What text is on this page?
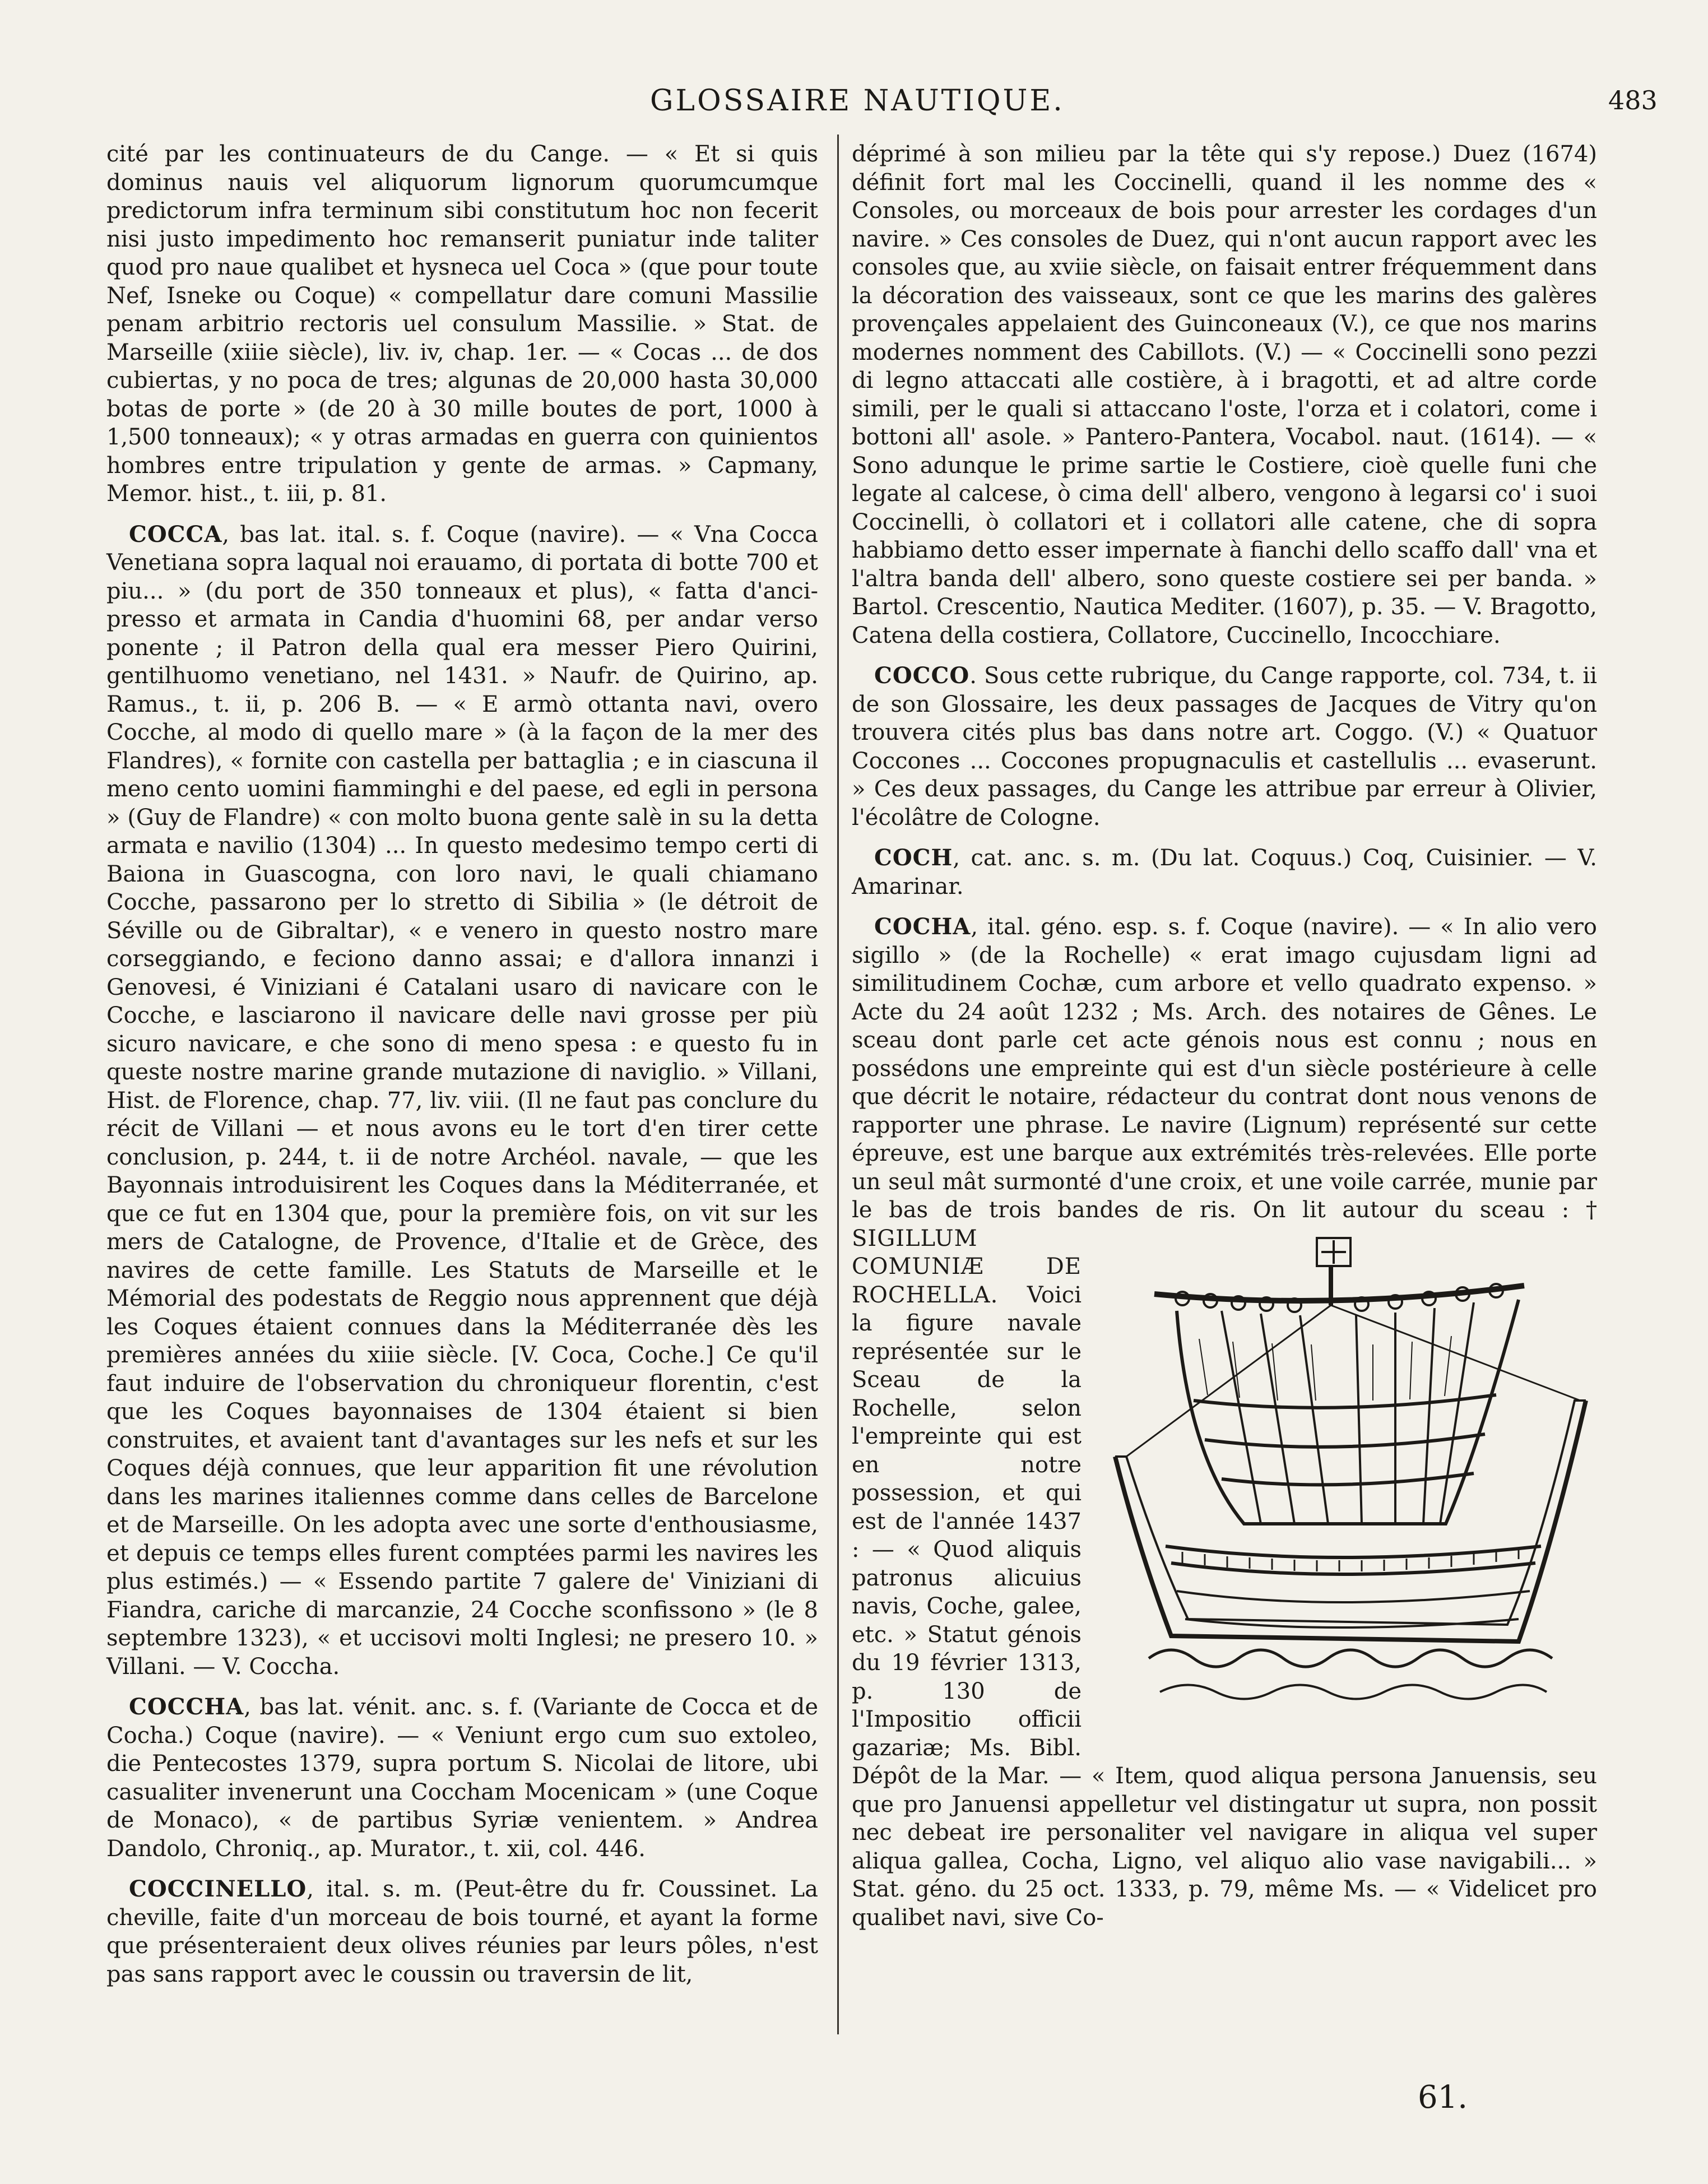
GLOSSAIRE NAUTIQUE.	483

cité par les continuateurs de du Cange. — « Et si quis dominus nauis vel aliquorum lignorum quorumcumque predictorum infra terminum sibi constitutum hoc non fecerit nisi justo impedimento hoc remanserit puniatur inde taliter quod pro naue qualibet et hysneca uel Coca » (que pour toute Nef, Isneke ou Coque) « compellatur dare comuni Massilie penam arbitrio rectoris uel consulum Massilie. » Stat. de Marseille (xiiie siècle), liv. iv, chap. 1er. — « Cocas ... de dos cubiertas, y no poca de tres; algunas de 20,000 hasta 30,000 botas de porte » (de 20 à 30 mille boutes de port, 1000 à 1,500 tonneaux); « y otras armadas en guerra con quinientos hombres entre tripulation y gente de armas. » Capmany, Memor. hist., t. iii, p. 81.

COCCA, bas lat. ital. s. f. Coque (navire). — « Vna Cocca Venetiana sopra laqual noi erauamo, di portata di botte 700 et piu... » (du port de 350 tonneaux et plus), « fatta d'anci-presso et armata in Candia d'huomini 68, per andar verso ponente ; il Patron della qual era messer Piero Quirini, gentilhuomo venetiano, nel 1431. » Naufr. de Quirino, ap. Ramus., t. ii, p. 206 B. — « E armò ottanta navi, overo Cocche, al modo di quello mare » (à la façon de la mer des Flandres), « fornite con castella per battaglia ; e in ciascuna il meno cento uomini fiamminghi e del paese, ed egli in persona » (Guy de Flandre) « con molto buona gente salè in su la detta armata e navilio (1304) ... In questo medesimo tempo certi di Baiona in Guascogna, con loro navi, le quali chiamano Cocche, passarono per lo stretto di Sibilia » (le détroit de Séville ou de Gibraltar), « e venero in questo nostro mare corseggiando, e feciono danno assai; e d'allora innanzi i Genovesi, é Viniziani é Catalani usaro di navicare con le Cocche, e lasciarono il navicare delle navi grosse per più sicuro navicare, e che sono di meno spesa : e questo fu in queste nostre marine grande mutazione di naviglio. » Villani, Hist. de Florence, chap. 77, liv. viii. (Il ne faut pas conclure du récit de Villani — et nous avons eu le tort d'en tirer cette conclusion, p. 244, t. ii de notre Archéol. navale, — que les Bayonnais introduisirent les Coques dans la Méditerranée, et que ce fut en 1304 que, pour la première fois, on vit sur les mers de Catalogne, de Provence, d'Italie et de Grèce, des navires de cette famille. Les Statuts de Marseille et le Mémorial des podestats de Reggio nous apprennent que déjà les Coques étaient connues dans la Méditerranée dès les premières années du xiiie siècle. [V. Coca, Coche.] Ce qu'il faut induire de l'observation du chroniqueur florentin, c'est que les Coques bayonnaises de 1304 étaient si bien construites, et avaient tant d'avantages sur les nefs et sur les Coques déjà connues, que leur apparition fit une révolution dans les marines italiennes comme dans celles de Barcelone et de Marseille. On les adopta avec une sorte d'enthousiasme, et depuis ce temps elles furent comptées parmi les navires les plus estimés.) — « Essendo partite 7 galere de' Viniziani di Fiandra, cariche di marcanzie, 24 Cocche sconfissono » (le 8 septembre 1323), « et uccisovi molti Inglesi; ne presero 10. » Villani. — V. Coccha.

COCCHA, bas lat. vénit. anc. s. f. (Variante de Cocca et de Cocha.) Coque (navire). — « Veniunt ergo cum suo extoleo, die Pentecostes 1379, supra portum S. Nicolai de litore, ubi casualiter invenerunt una Coccham Mocenicam » (une Coque de Monaco), « de partibus Syriæ venientem. » Andrea Dandolo, Chroniq., ap. Murator., t. xii, col. 446.

COCCINELLO, ital. s. m. (Peut-être du fr. Coussinet. La cheville, faite d'un morceau de bois tourné, et ayant la forme que présenteraient deux olives réunies par leurs pôles, n'est pas sans rapport avec le coussin ou traversin de lit,

déprimé à son milieu par la tête qui s'y repose.) Duez (1674) définit fort mal les Coccinelli, quand il les nomme des « Consoles, ou morceaux de bois pour arrester les cordages d'un navire. » Ces consoles de Duez, qui n'ont aucun rapport avec les consoles que, au xviie siècle, on faisait entrer fréquemment dans la décoration des vaisseaux, sont ce que les marins des galères provençales appelaient des Guinconeaux (V.), ce que nos marins modernes nomment des Cabillots. (V.) — « Coccinelli sono pezzi di legno attaccati alle costière, à i bragotti, et ad altre corde simili, per le quali si attaccano l'oste, l'orza et i colatori, come i bottoni all' asole. » Pantero-Pantera, Vocabol. naut. (1614). — « Sono adunque le prime sartie le Costiere, cioè quelle funi che legate al calcese, ò cima dell' albero, vengono à legarsi co' i suoi Coccinelli, ò collatori et i collatori alle catene, che di sopra habbiamo detto esser impernate à fianchi dello scaffo dall' vna et l'altra banda dell' albero, sono queste costiere sei per banda. » Bartol. Crescentio, Nautica Mediter. (1607), p. 35. — V. Bragotto, Catena della costiera, Collatore, Cuccinello, Incocchiare.

COCCO. Sous cette rubrique, du Cange rapporte, col. 734, t. ii de son Glossaire, les deux passages de Jacques de Vitry qu'on trouvera cités plus bas dans notre art. Coggo. (V.) « Quatuor Coccones ... Coccones propugnaculis et castellulis ... evaserunt. » Ces deux passages, du Cange les attribue par erreur à Olivier, l'écolâtre de Cologne.

COCH, cat. anc. s. m. (Du lat. Coquus.) Coq, Cuisinier. — V. Amarinar.

COCHA, ital. géno. esp. s. f. Coque (navire). — « In alio vero sigillo » (de la Rochelle) « erat imago cujusdam ligni ad similitudinem Cochæ, cum arbore et vello quadrato expenso. » Acte du 24 août 1232 ; Ms. Arch. des notaires de Gênes. Le sceau dont parle cet acte génois nous est connu ; nous en possédons une empreinte qui est d'un siècle postérieure à celle que décrit le notaire, rédacteur du contrat dont nous venons de rapporter une phrase. Le navire (Lignum) représenté sur cette épreuve, est une barque aux extrémités très-relevées. Elle porte un seul mât surmonté d'une croix, et une voile carrée, munie par le bas de trois bandes de ris. On lit autour du sceau : †
SIGILLUM COMUNIÆ DE ROCHELLA. Voici la figure navale représentée sur le Sceau de la Rochelle, selon l'empreinte qui est en notre possession, et qui est de l'année 1437 : — « Quod aliquis patronus alicuius navis, Coche, galee, etc. » Statut génois du 19 février 1313, p. 130 de l'Impositio officii gazariæ; Ms. Bibl. Dépôt de la Mar. — « Item, quod aliqua persona Januensis, seu que pro Januensi appelletur vel distingatur ut supra, non possit nec debeat ire personaliter vel navigare in aliqua vel super aliqua gallea, Cocha, Ligno, vel aliquo alio vase navigabili... » Stat. géno. du 25 oct. 1333, p. 79, même Ms. — « Videlicet pro qualibet navi, sive Co-

61.
